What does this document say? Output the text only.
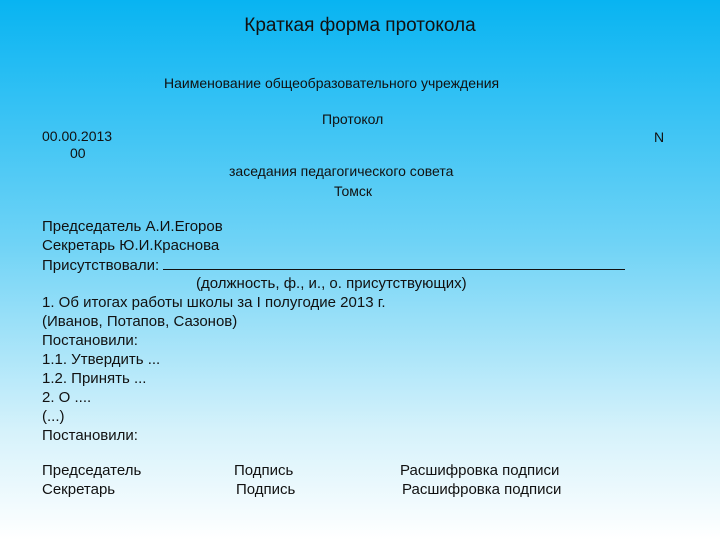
Краткая форма протокола
Наименование общеобразовательного учреждения
Протокол
00.00.2013
00
N
заседания педагогического совета
Томск
Председатель А.И.Егоров
Секретарь Ю.И.Краснова
Присутствовали:
(должность, ф., и., о. присутствующих)
1. Об итогах работы школы за I полугодие 2013 г.
(Иванов, Потапов, Сазонов)
Постановили:
1.1. Утвердить ...
1.2. Принять ...
2. О ....
(...)
Постановили:
Председатель	Подпись	Расшифровка подписи
Секретарь	Подпись	Расшифровка подписи
